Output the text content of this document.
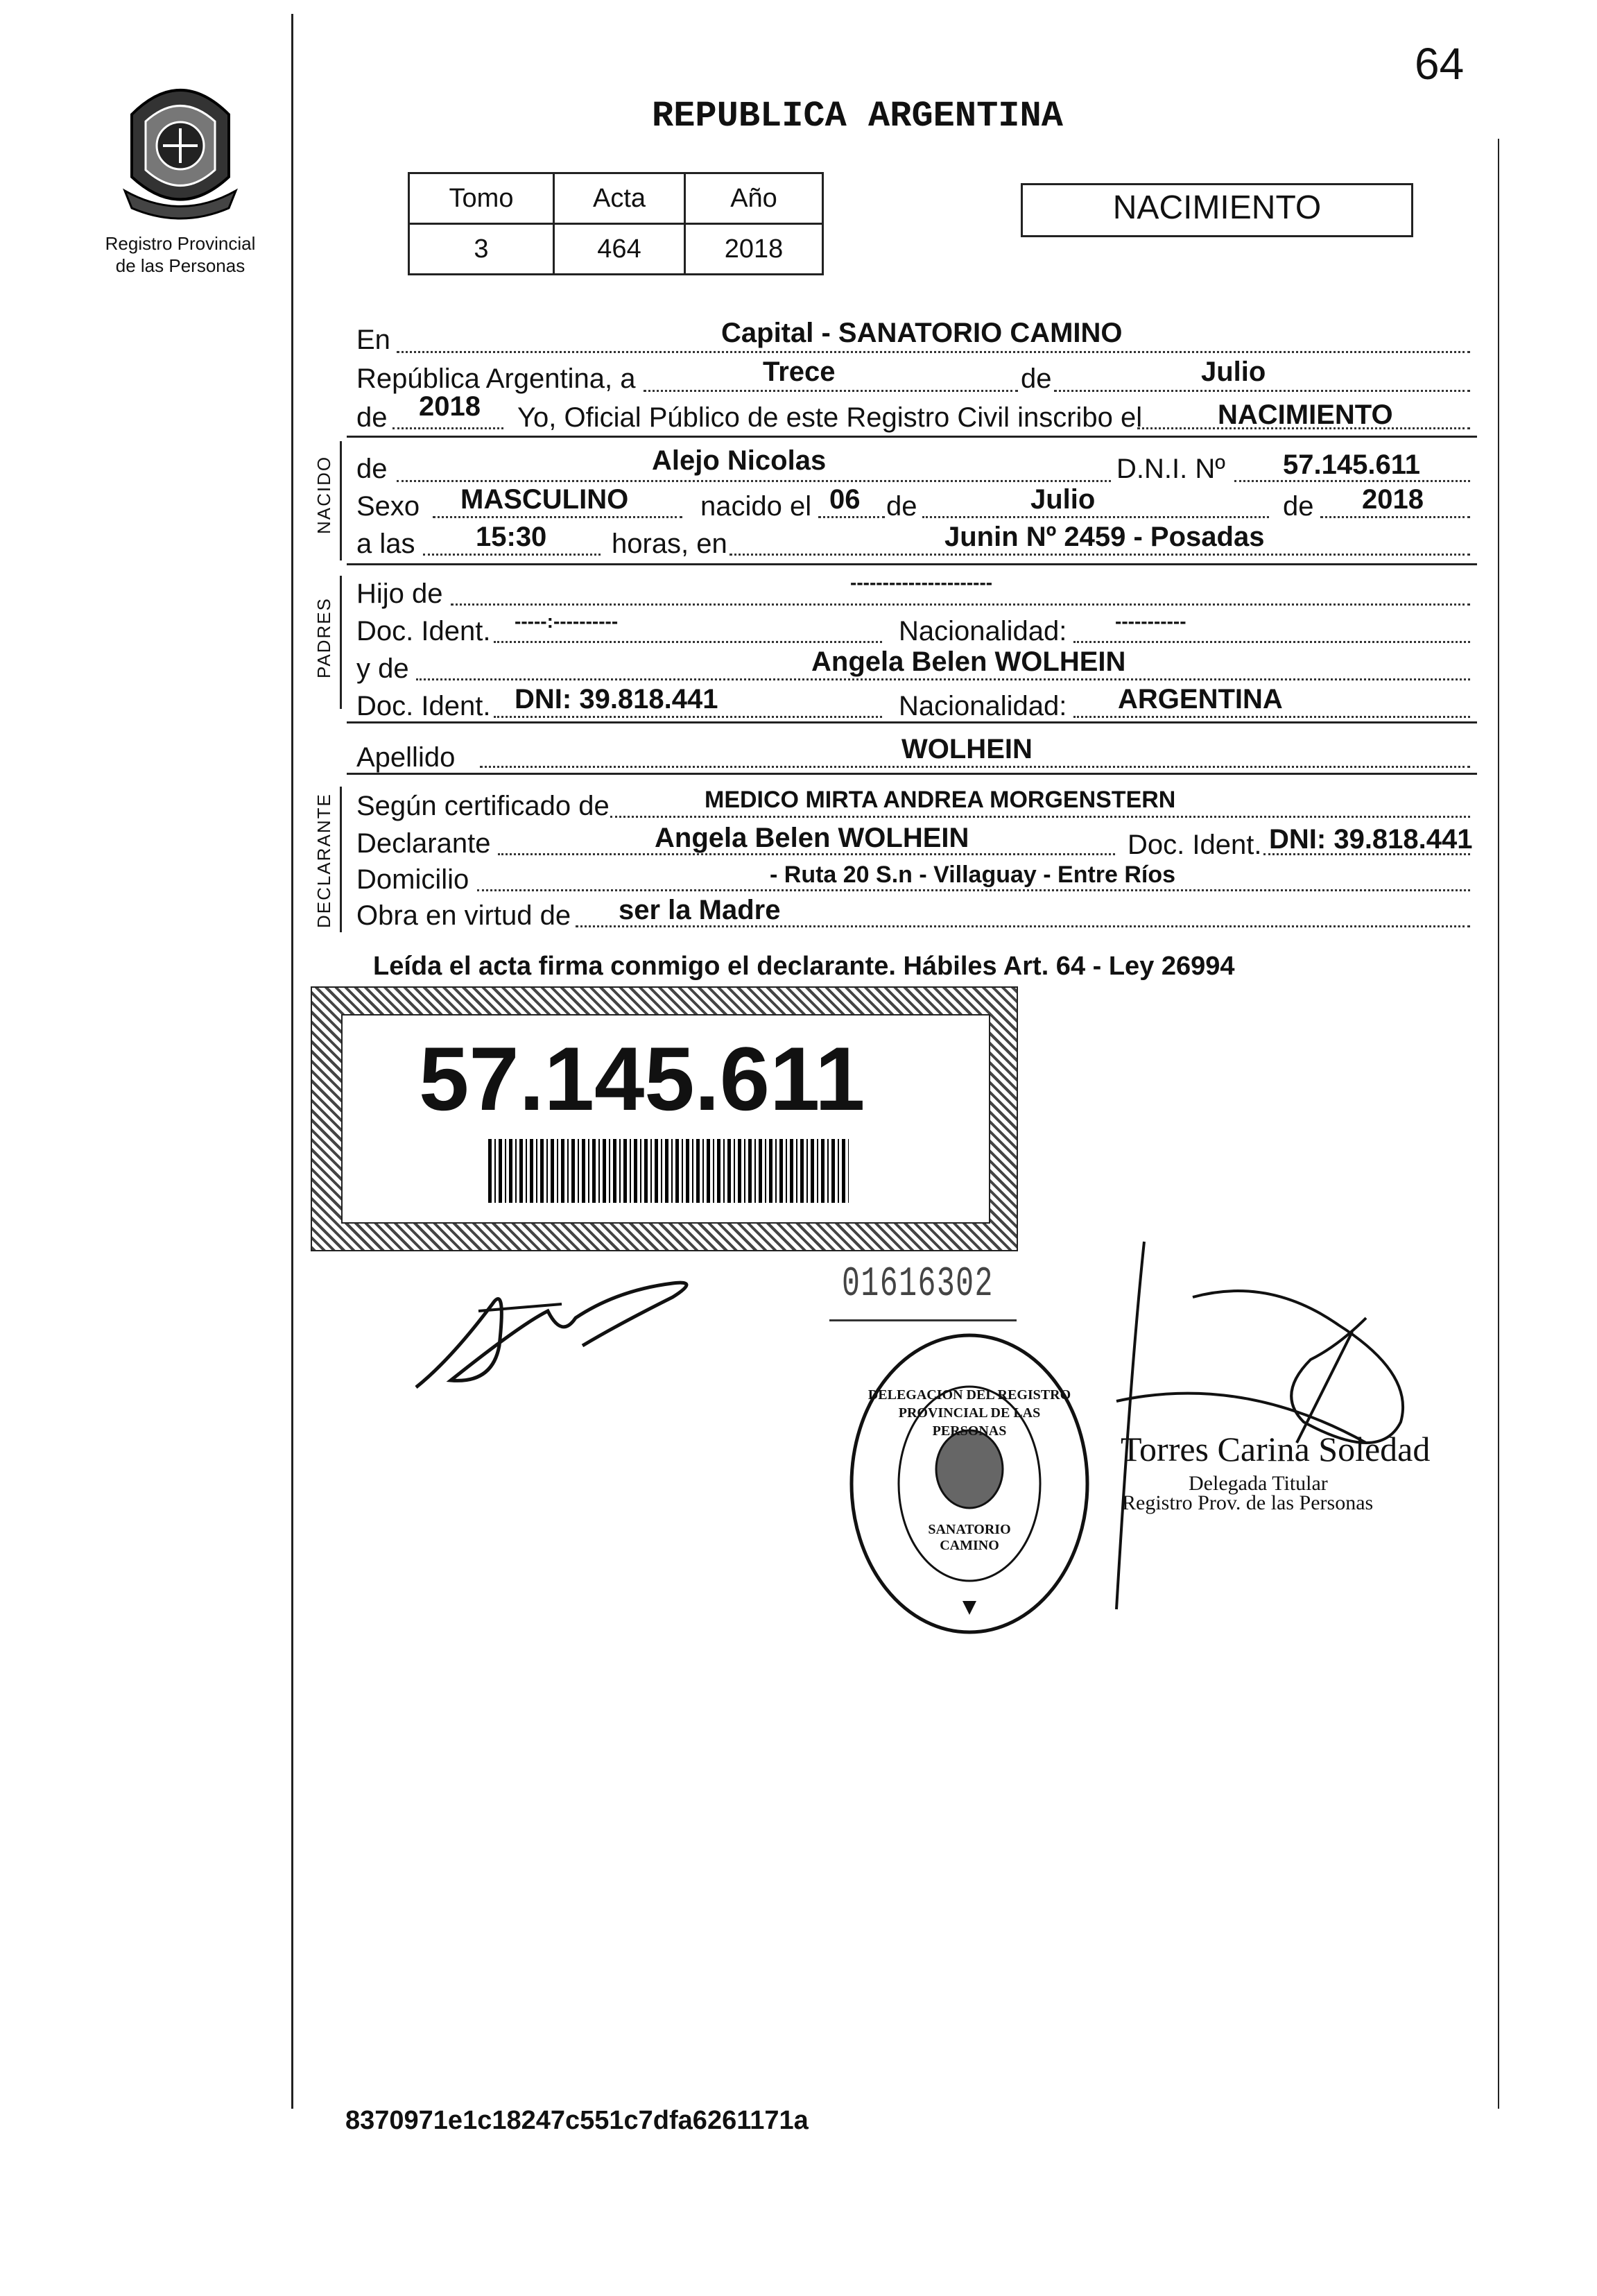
64
Registro Provincial
de las Personas
REPUBLICA ARGENTINA
Tomo	Acta	Año
3	464	2018
NACIMIENTO
En	Capital - SANATORIO CAMINO
República Argentina, a	Trece	de	Julio
de 2018 Yo, Oficial Público de este Registro Civil inscribo el	NACIMIENTO
NACIDO de	Alejo Nicolas	D.N.I. Nº 57.145.611
Sexo MASCULINO	nacido el 06 de	Julio	de 2018
a las 15:30 horas, en	Junin Nº 2459 - Posadas
PADRES
Hijo de	----------------------
Doc. Ident. -----:----------	Nacionalidad: -----------
y de	Angela Belen WOLHEIN
Doc. Ident. DNI: 39.818.441	Nacionalidad: ARGENTINA
Apellido	WOLHEIN
DECLARANTE Según certificado de	MEDICO MIRTA ANDREA MORGENSTERN
Declarante	Angela Belen WOLHEIN	Doc. Ident. DNI: 39.818.441
Domicilio	- Ruta 20 S.n - Villaguay - Entre Ríos
Obra en virtud de ser la Madre
Leída el acta firma conmigo el declarante. Hábiles Art. 64 - Ley 26994
57.145.611
01616302
DELEGACION DEL REGISTRO PROVINCIAL DE LAS PERSONAS
SANATORIO CAMINO
Torres Carina Soledad
Delegada Titular
Registro Prov. de las Personas
8370971e1c18247c551c7dfa6261171a
